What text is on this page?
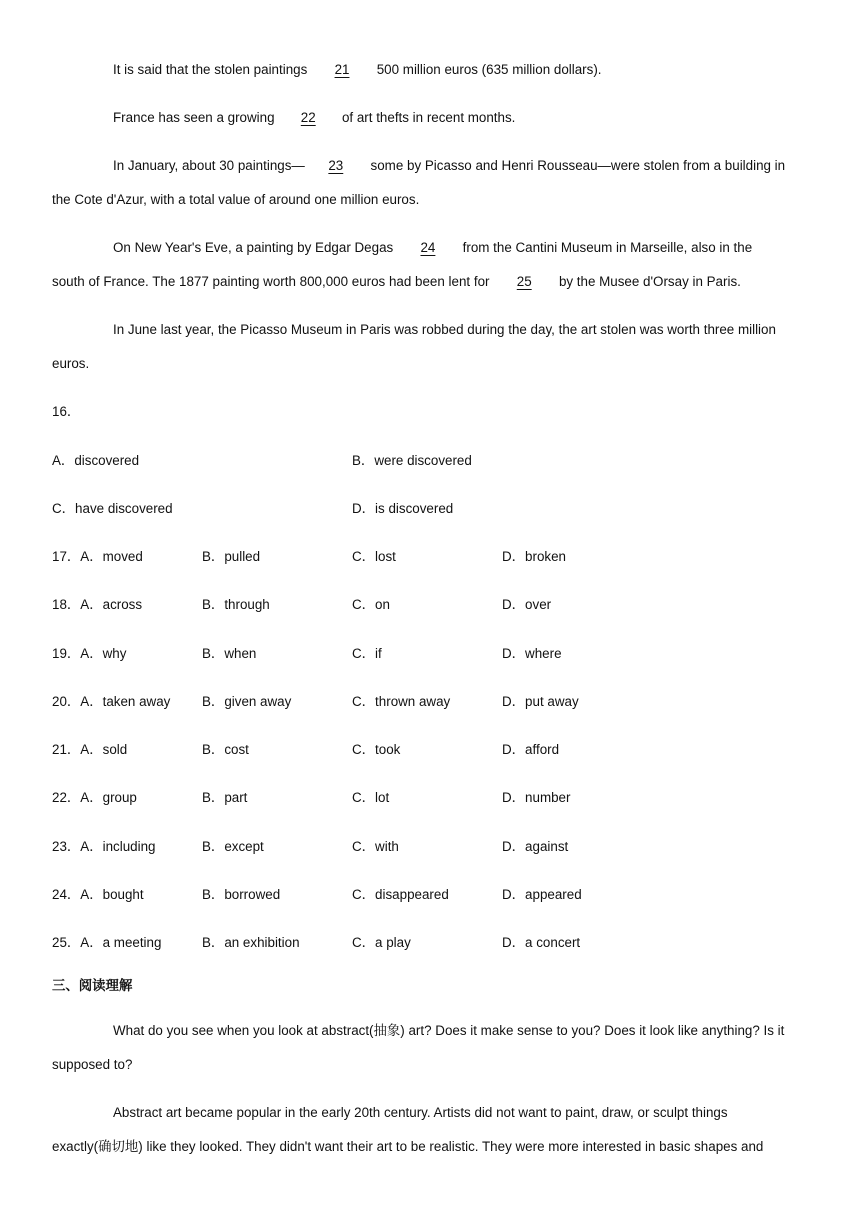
It is said that the stolen paintings 21 500 million euros (635 million dollars).
France has seen a growing 22 of art thefts in recent months.
In January, about 30 paintings— 23 some by Picasso and Henri Rousseau—were stolen from a building in
the Cote d'Azur, with a total value of around one million euros.
On New Year's Eve, a painting by Edgar Degas 24 from the Cantini Museum in Marseille, also in the
south of France. The 1877 painting worth 800,000 euros had been lent for 25 by the Musee d'Orsay in Paris.
In June last year, the Picasso Museum in Paris was robbed during the day, the art stolen was worth three million
euros.
16．
A．discovered	B．were discovered
C．have discovered	D．is discovered
17．A．moved	B．pulled	C．lost	D．broken
18．A．across	B．through	C．on	D．over
19．A．why	B．when	C．if	D．where
20．A．taken away B．given away	C．thrown away	D．put away
21．A．sold	B．cost	C．took	D．afford
22．A．group	B．part	C．lot	D．number
23．A．including	B．except	C．with	D．against
24．A．bought	B．borrowed	C．disappeared	D．appeared
25．A．a meeting	B．an exhibition	C．a play	D．a concert
三、阅读理解
What do you see when you look at abstract(抽象) art? Does it make sense to you? Does it look like anything? Is it
supposed to?
Abstract art became popular in the early 20th century. Artists did not want to paint, draw, or sculpt things
exactly(确切地) like they looked. They didn't want their art to be realistic. They were more interested in basic shapes and
